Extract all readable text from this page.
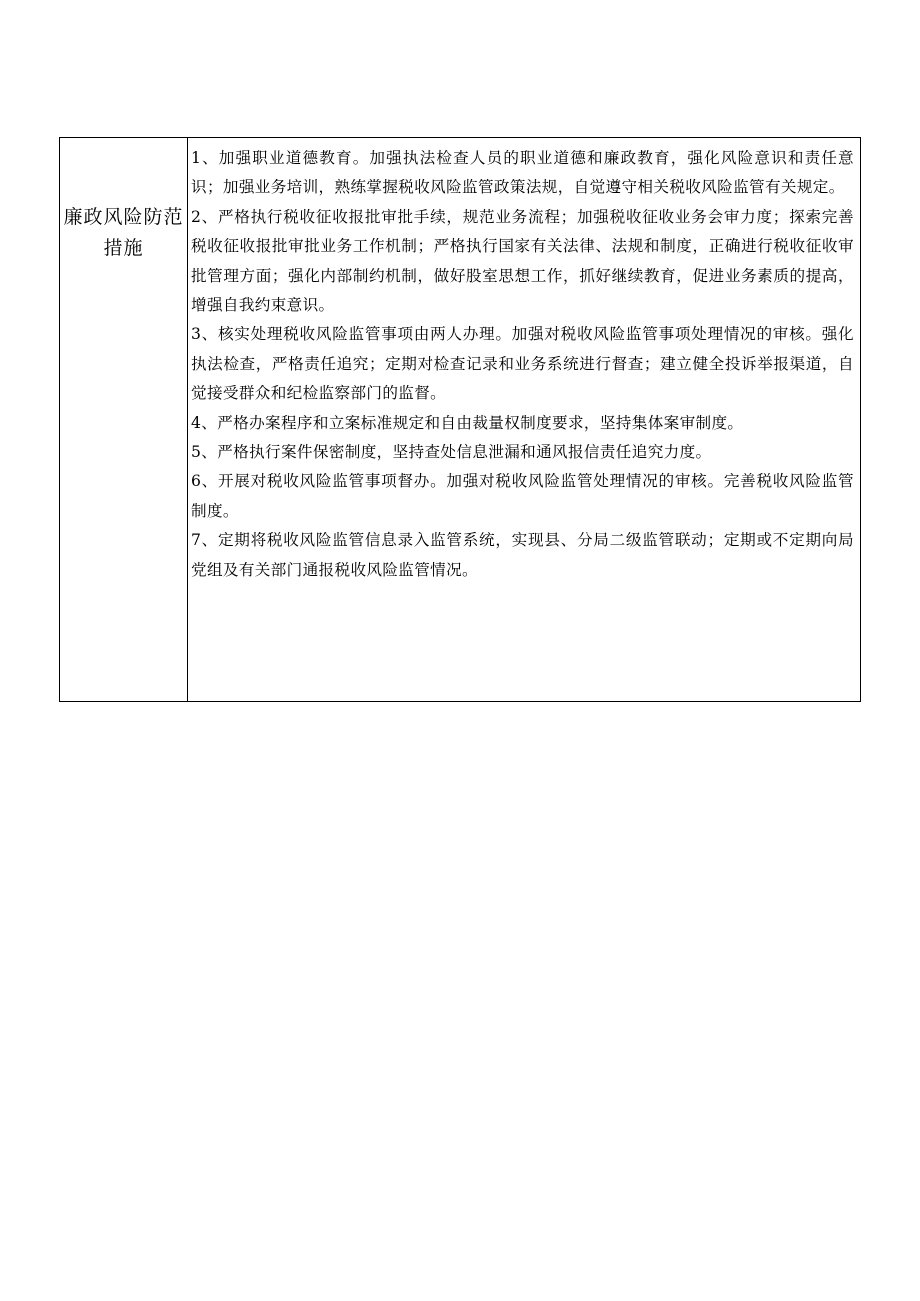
廉政风险防范措施

1、加强职业道德教育。加强执法检查人员的职业道德和廉政教育，强化风险意识和责任意识；加强业务培训，熟练掌握税收风险监管政策法规，自觉遵守相关税收风险监管有关规定。

2、严格执行税收征收报批审批手续，规范业务流程；加强税收征收业务会审力度；探索完善税收征收报批审批业务工作机制；严格执行国家有关法律、法规和制度，正确进行税收征收审批管理方面；强化内部制约机制，做好股室思想工作，抓好继续教育，促进业务素质的提高，增强自我约束意识。

3、核实处理税收风险监管事项由两人办理。加强对税收风险监管事项处理情况的审核。强化执法检查，严格责任追究；定期对检查记录和业务系统进行督查；建立健全投诉举报渠道，自觉接受群众和纪检监察部门的监督。

4、严格办案程序和立案标准规定和自由裁量权制度要求，坚持集体案审制度。

5、严格执行案件保密制度，坚持查处信息泄漏和通风报信责任追究力度。

6、开展对税收风险监管事项督办。加强对税收风险监管处理情况的审核。完善税收风险监管制度。

7、定期将税收风险监管信息录入监管系统，实现县、分局二级监管联动；定期或不定期向局党组及有关部门通报税收风险监管情况。
